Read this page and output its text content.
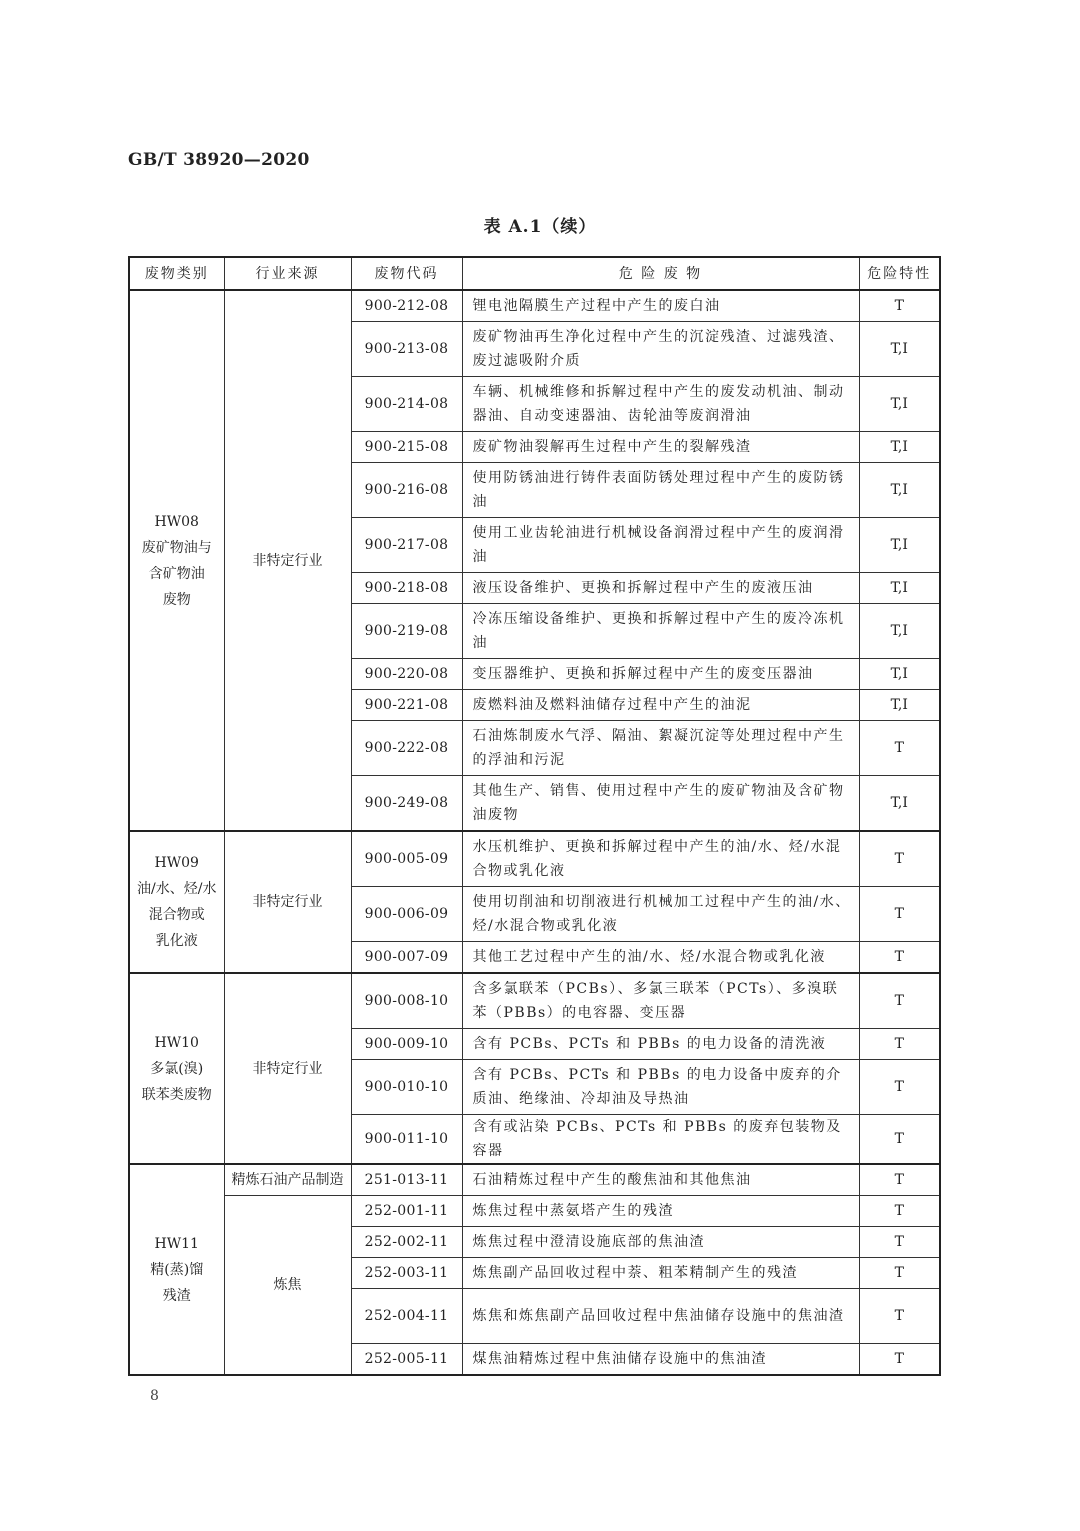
GB/T 38920—2020
表 A.1（续）
废物类别	行业来源	废物代码	危 险 废 物	危险特性

HW08
废矿物油与
含矿物油
废物	非特定行业	900-212-08	锂电池隔膜生产过程中产生的废白油	T
		900-213-08	废矿物油再生净化过程中产生的沉淀残渣、过滤残渣、废过滤吸附介质	T,I
		900-214-08	车辆、机械维修和拆解过程中产生的废发动机油、制动器油、自动变速器油、齿轮油等废润滑油	T,I
		900-215-08	废矿物油裂解再生过程中产生的裂解残渣	T,I
		900-216-08	使用防锈油进行铸件表面防锈处理过程中产生的废防锈油	T,I
		900-217-08	使用工业齿轮油进行机械设备润滑过程中产生的废润滑油	T,I
		900-218-08	液压设备维护、更换和拆解过程中产生的废液压油	T,I
		900-219-08	冷冻压缩设备维护、更换和拆解过程中产生的废冷冻机油	T,I
		900-220-08	变压器维护、更换和拆解过程中产生的废变压器油	T,I
		900-221-08	废燃料油及燃料油储存过程中产生的油泥	T,I
		900-222-08	石油炼制废水气浮、隔油、絮凝沉淀等处理过程中产生的浮油和污泥	T
		900-249-08	其他生产、销售、使用过程中产生的废矿物油及含矿物油废物	T,I

HW09
油/水、烃/水
混合物或
乳化液	非特定行业	900-005-09	水压机维护、更换和拆解过程中产生的油/水、烃/水混合物或乳化液	T
		900-006-09	使用切削油和切削液进行机械加工过程中产生的油/水、烃/水混合物或乳化液	T
		900-007-09	其他工艺过程中产生的油/水、烃/水混合物或乳化液	T

HW10
多氯(溴)
联苯类废物	非特定行业	900-008-10	含多氯联苯（PCBs）、多氯三联苯（PCTs）、多溴联苯（PBBs）的电容器、变压器	T
		900-009-10	含有 PCBs、PCTs 和 PBBs 的电力设备的清洗液	T
		900-010-10	含有 PCBs、PCTs 和 PBBs 的电力设备中废弃的介质油、绝缘油、冷却油及导热油	T
		900-011-10	含有或沾染 PCBs、PCTs 和 PBBs 的废弃包装物及容器	T

HW11
精(蒸)馏
残渣	精炼石油产品制造	251-013-11	石油精炼过程中产生的酸焦油和其他焦油	T
	炼焦	252-001-11	炼焦过程中蒸氨塔产生的残渣	T
		252-002-11	炼焦过程中澄清设施底部的焦油渣	T
		252-003-11	炼焦副产品回收过程中萘、粗苯精制产生的残渣	T
		252-004-11	炼焦和炼焦副产品回收过程中焦油储存设施中的焦油渣	T
		252-005-11	煤焦油精炼过程中焦油储存设施中的焦油渣	T
8
